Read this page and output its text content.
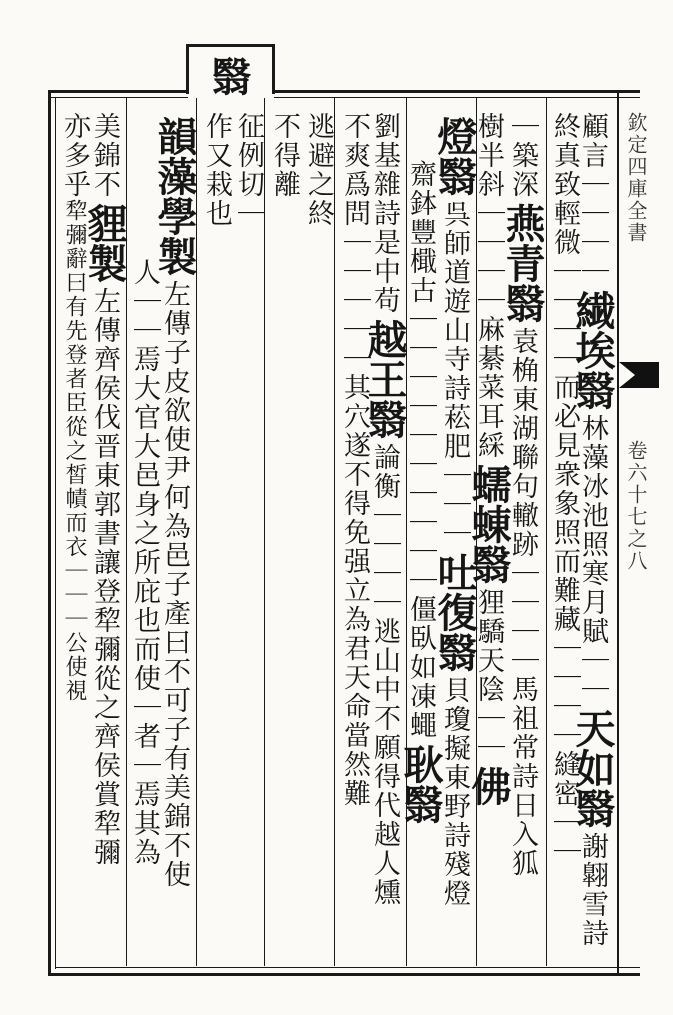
欽定四庫全書
卷六十七之八
翳
顧言｜｜｜｜繊埃翳林藻冰池照寒月賦｜｜天如翳謝翺雪詩
終真致輕微｜｜｜｜而必見衆象照而難藏｜｜｜｜縫密｜｜
｜築深燕青翳袁桷東湖聯句轍跡｜｜｜｜馬祖常詩日入狐
樹半斜｜｜｜｜麻綦菜耳綵蠕蝀翳狸驕天陰｜｜佛
燈翳呉師道遊山寺詩菘肥｜｜｜吐復翳貝瓊擬東野詩殘燈
齋鉢豐檝古｜｜｜｜｜｜｜｜｜｜僵臥如凍蠅耿翳
劉基雜詩是中苟越王翳論衡｜｜｜｜逃山中不願得代越人燻
不爽爲問｜｜｜｜｜其穴遂不得免强立為君天命當然難
逃避之終
不得離
征例切｜
作又栽也
韻藻學製左傳子皮欲使尹何為邑子產曰不可子有美錦不使
人｜｜焉大官大邑身之所庇也而使｜者｜焉其為
美錦不貍製左傳齊侯伐晋東郭書讓登犂彌從之齊侯賞犂彌
亦多乎犂彌辭曰有先登者臣從之皙幘而衣｜｜｜公使視
